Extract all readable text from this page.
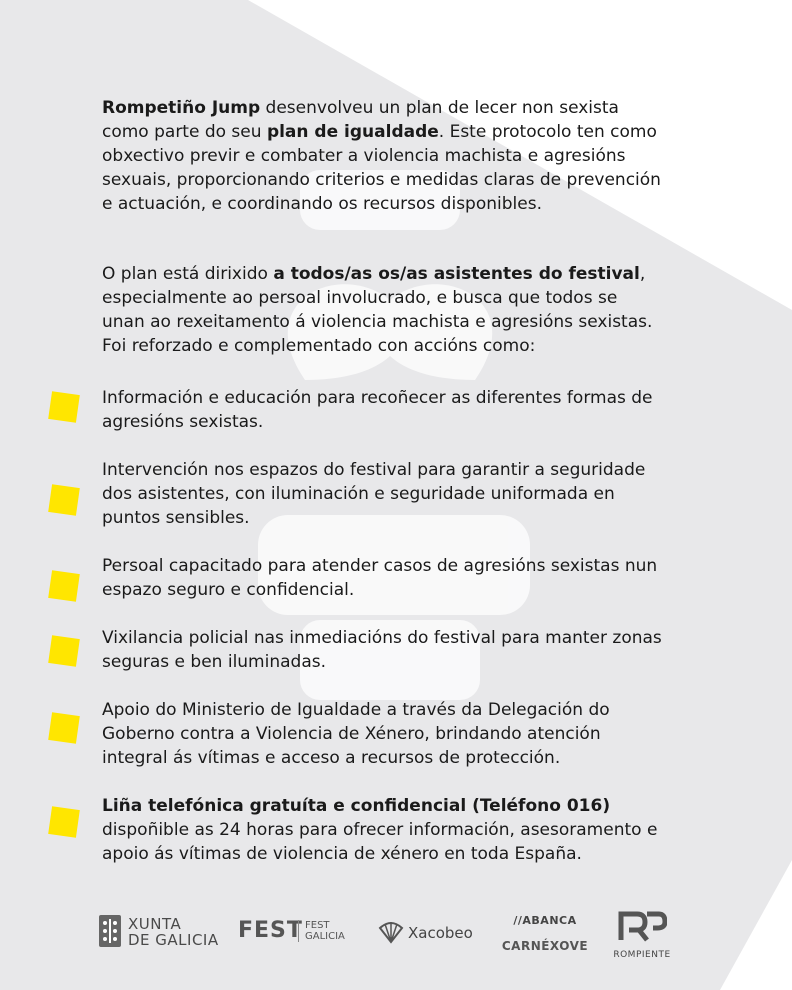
Rompetiño Jump desenvolveu un plan de lecer non sexista como parte do seu plan de igualdade. Este protocolo ten como obxectivo previr e combater a violencia machista e agresións sexuais, proporcionando criterios e medidas claras de prevención e actuación, e coordinando os recursos disponibles.

O plan está dirixido a todos/as os/as asistentes do festival, especialmente ao persoal involucrado, e busca que todos se unan ao rexeitamento á violencia machista e agresións sexistas. Foi reforzado e complementado con accións como:

Información e educación para recoñecer as diferentes formas de agresións sexistas.
Intervención nos espazos do festival para garantir a seguridade dos asistentes, con iluminación e seguridade uniformada en puntos sensibles.
Persoal capacitado para atender casos de agresións sexistas nun espazo seguro e confidencial.
Vixilancia policial nas inmediacións do festival para manter zonas seguras e ben iluminadas.
Apoio do Ministerio de Igualdade a través da Delegación do Goberno contra a Violencia de Xénero, brindando atención integral ás vítimas e acceso a recursos de protección.
Liña telefónica gratuíta e confidencial (Teléfono 016) dispoñible as 24 horas para ofrecer información, asesoramento e apoio ás vítimas de violencia de xénero en toda España.
XUNTA
DE GALICIA FEST FEST
GALICIA	Xacobeo
//ABANCA
CARNÉXOVE
ROMPIENTE
